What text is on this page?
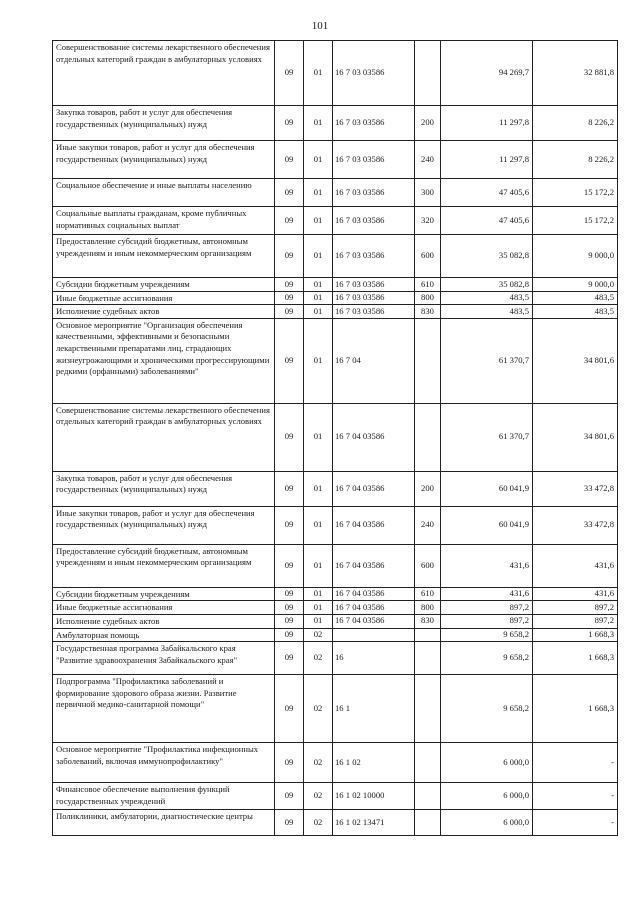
101
Совершенствование системы лекарственного обеспечения отдельных категорий граждан в амбулаторных условиях	09	01	16 7 03 03586		94 269,7	32 881,8
Закупка товаров, работ и услуг для обеспечения государственных (муниципальных) нужд	09	01	16 7 03 03586	200	11 297,8	8 226,2
Иные закупки товаров, работ и услуг для обеспечения государственных (муниципальных) нужд	09	01	16 7 03 03586	240	11 297,8	8 226,2
Социальное обеспечение и иные выплаты населению	09	01	16 7 03 03586	300	47 405,6	15 172,2
Социальные выплаты гражданам, кроме публичных нормативных социальных выплат	09	01	16 7 03 03586	320	47 405,6	15 172,2
Предоставление субсидий бюджетным, автономным учреждениям и иным некоммерческим организациям	09	01	16 7 03 03586	600	35 082,8	9 000,0
Субсидии бюджетным учреждениям	09	01	16 7 03 03586	610	35 082,8	9 000,0
Иные бюджетные ассигнования	09	01	16 7 03 03586	800	483,5	483,5
Исполнение судебных актов	09	01	16 7 03 03586	830	483,5	483,5
Основное мероприятие "Организация обеспечения качественными, эффективными и безопасными лекарственными препаратами лиц, страдающих жизнеугрожающими и хроническими прогрессирующими редкими (орфанными) заболеваниями"	09	01	16 7 04		61 370,7	34 801,6
Совершенствование системы лекарственного обеспечения отдельных категорий граждан в амбулаторных условиях	09	01	16 7 04 03586		61 370,7	34 801,6
Закупка товаров, работ и услуг для обеспечения государственных (муниципальных) нужд	09	01	16 7 04 03586	200	60 041,9	33 472,8
Иные закупки товаров, работ и услуг для обеспечения государственных (муниципальных) нужд	09	01	16 7 04 03586	240	60 041,9	33 472,8
Предоставление субсидий бюджетным, автономным учреждениям и иным некоммерческим организациям	09	01	16 7 04 03586	600	431,6	431,6
Субсидии бюджетным учреждениям	09	01	16 7 04 03586	610	431,6	431,6
Иные бюджетные ассигнования	09	01	16 7 04 03586	800	897,2	897,2
Исполнение судебных актов	09	01	16 7 04 03586	830	897,2	897,2
Амбулаторная помощь	09	02			9 658,2	1 668,3
Государственная программа Забайкальского края "Развитие здравоохранения Забайкальского края"	09	02	16		9 658,2	1 668,3
Подпрограмма "Профилактика заболеваний и формирование здорового образа жизни. Развитие первичной медико-санитарной помощи"	09	02	16 1		9 658,2	1 668,3
Основное мероприятие "Профилактика инфекционных заболеваний, включая иммунопрофилактику"	09	02	16 1 02		6 000,0	-
Финансовое обеспечение выполнения функций государственных учреждений	09	02	16 1 02 10000		6 000,0	-
Поликлиники, амбулатории, диагностические центры	09	02	16 1 02 13471		6 000,0	-
